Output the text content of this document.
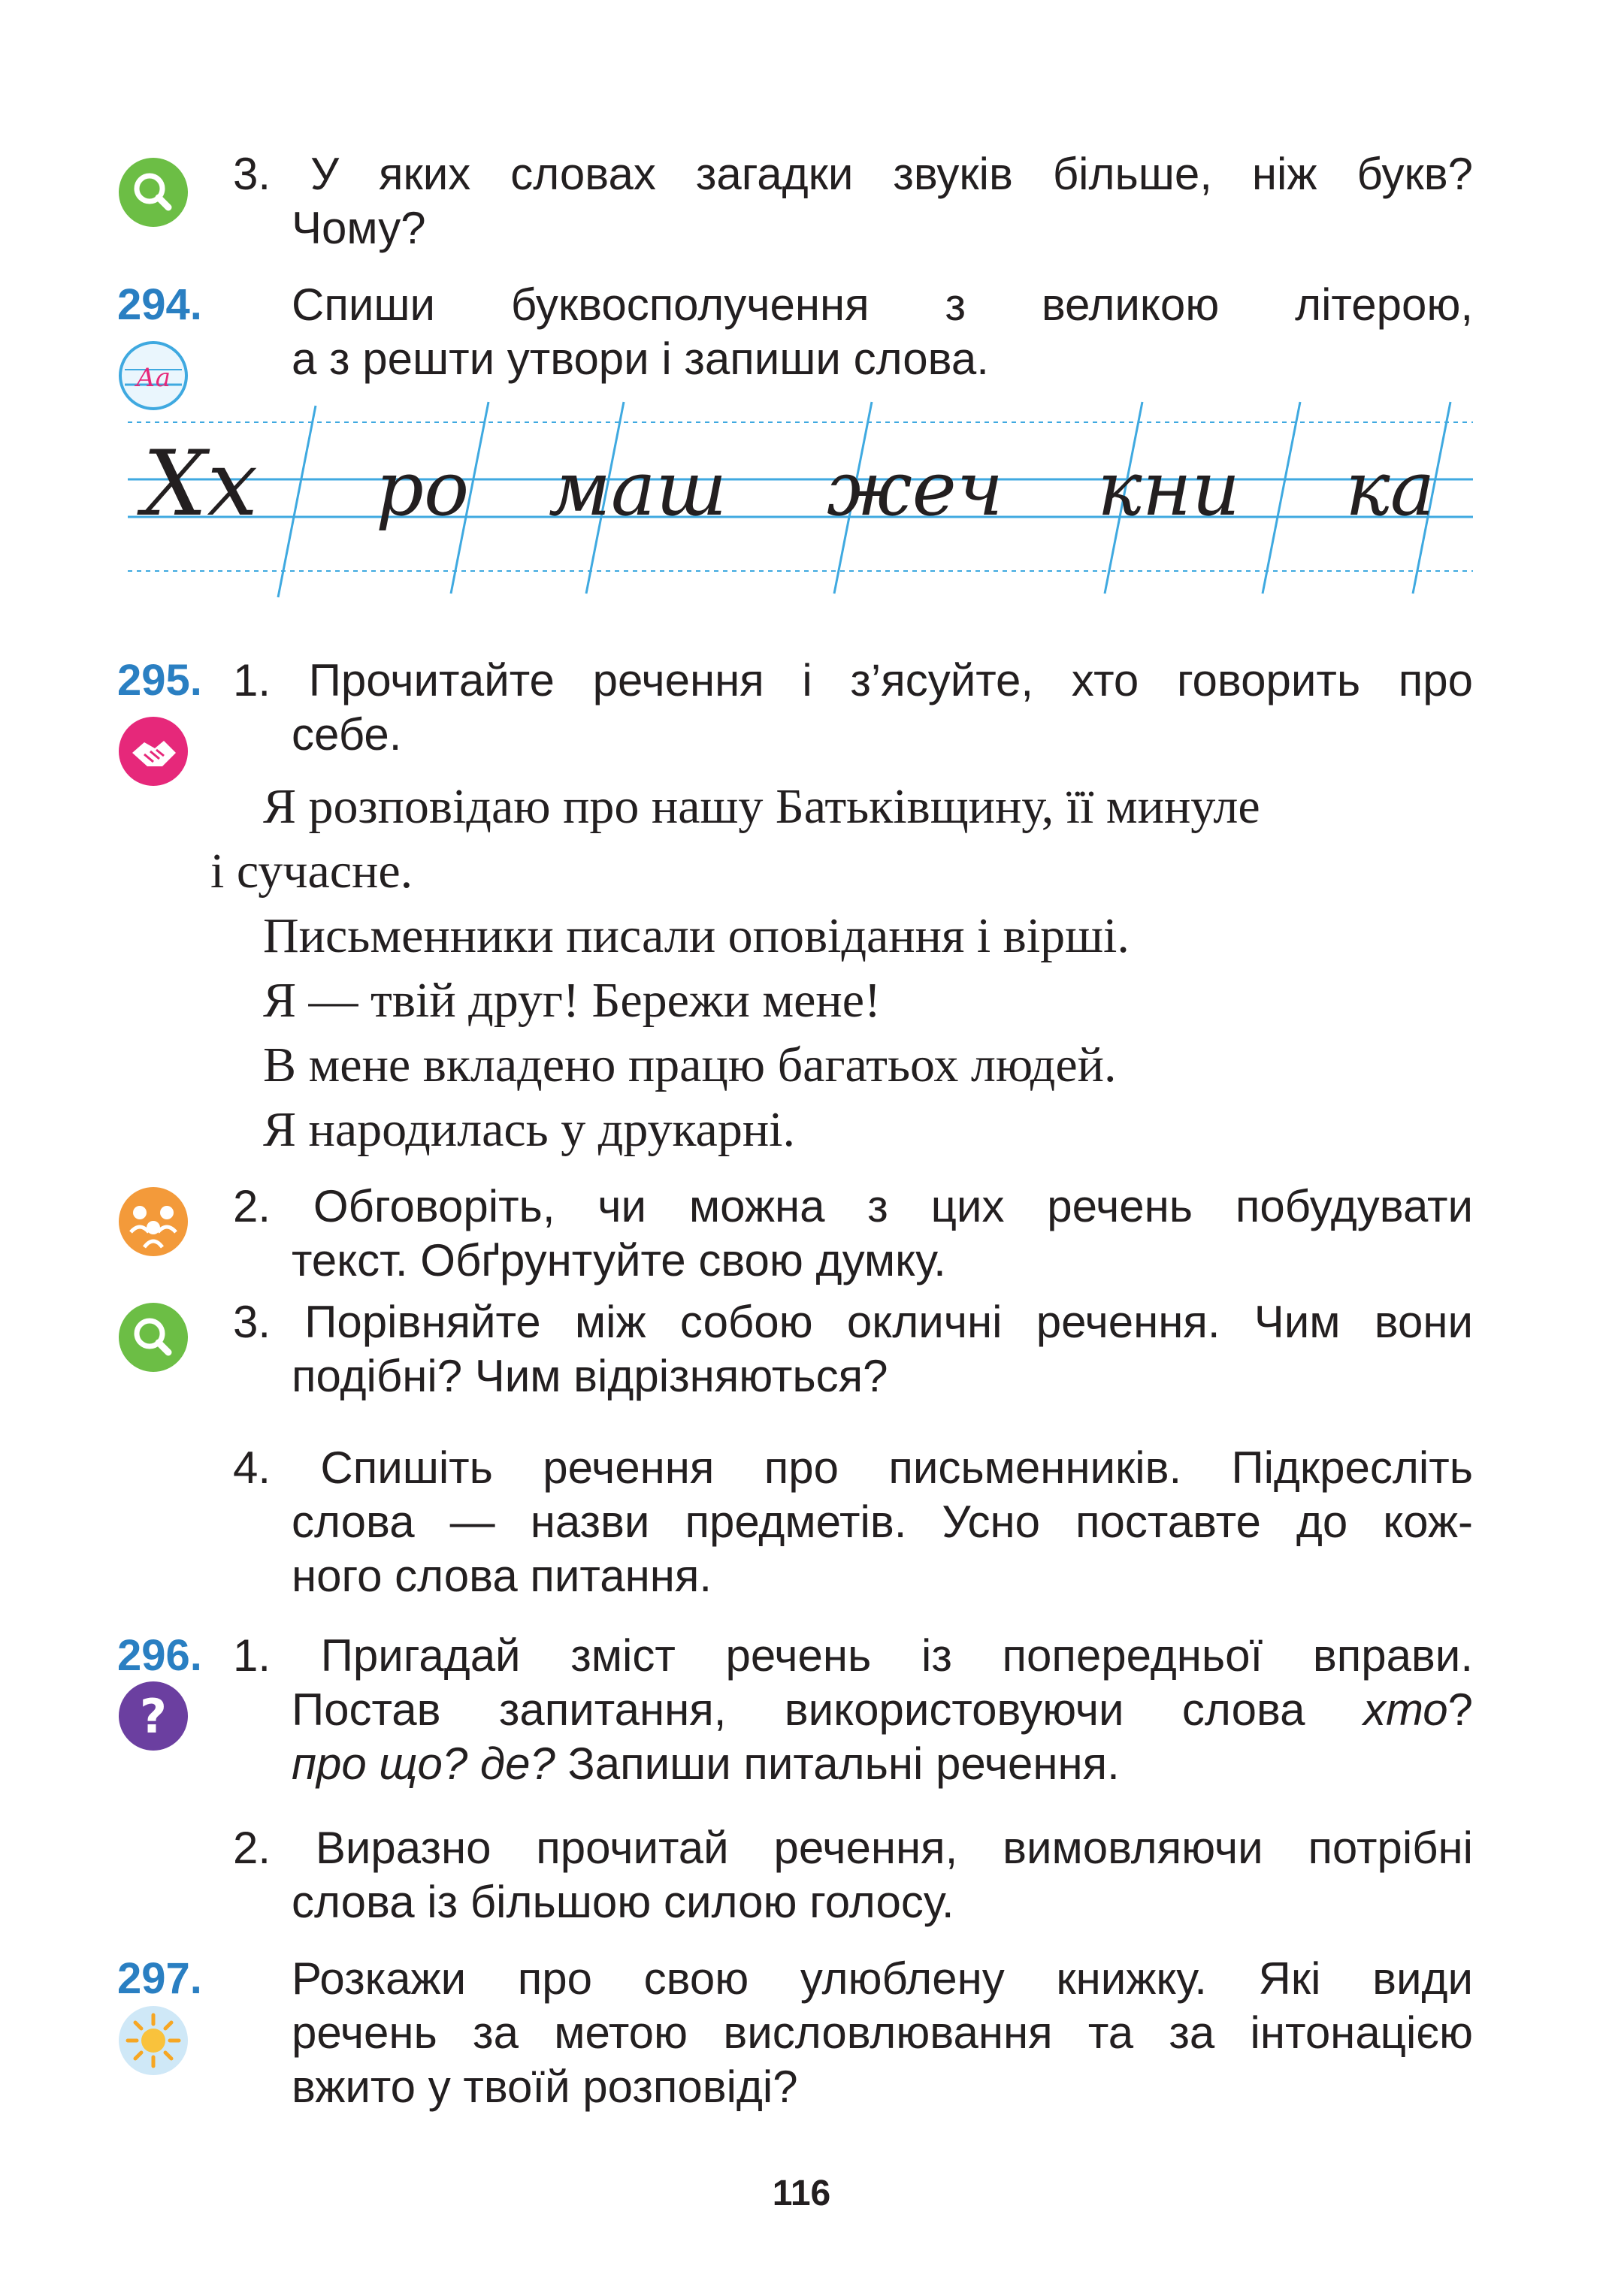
3. У яких словах загадки звуків більше, ніж букв?
Чому?
294. Спиши буквосполучення з великою літерою,
а з решти утвори і запиши слова.
Аа
Хх ро маш жеч кни ка
295. 1. Прочитайте речення і з’ясуйте, хто говорить про
себе.
Я розповідаю про нашу Батьківщину, її минуле
і сучасне.
Письменники писали оповідання і вірші.
Я — твій друг! Бережи мене!
В мене вкладено працю багатьох людей.
Я народилась у друкарні.
2. Обговоріть, чи можна з цих речень побудувати
текст. Обґрунтуйте свою думку.
3. Порівняйте між собою окличні речення. Чим вони
подібні? Чим відрізняються?
4. Спишіть речення про письменників. Підкресліть
слова — назви предметів. Усно поставте до кож-
ного слова питання.
296. 1. Пригадай зміст речень із попередньої вправи.
Постав запитання, використовуючи слова хто?
про що? де? Запиши питальні речення.
?
2. Виразно прочитай речення, вимовляючи потрібні
слова із більшою силою голосу.
297. Розкажи про свою улюблену книжку. Які види
речень за метою висловлювання та за інтонацією
вжито у твоїй розповіді?
116
